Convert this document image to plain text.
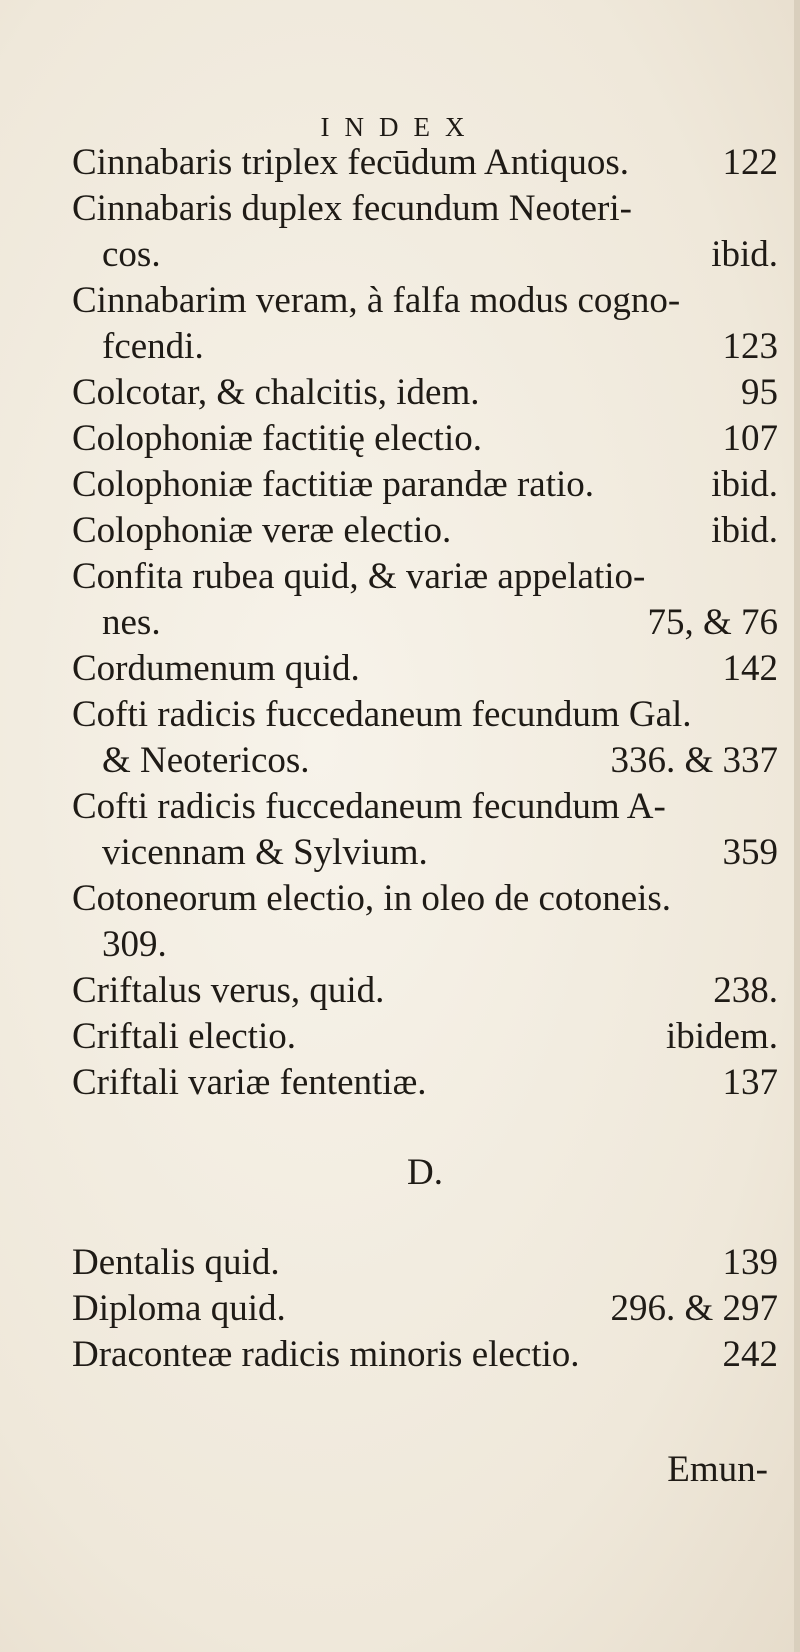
INDEX
Cinnabaris triplex fecūdum Antiquos.	122
Cinnabaris duplex fecundum Neoteri-
cos.	ibid.
Cinnabarim veram, à falfa modus cogno-
fcendi.	123
Colcotar, & chalcitis, idem.	95
Colophoniæ factitię electio.	107
Colophoniæ factitiæ parandæ ratio.	ibid.
Colophoniæ veræ electio.	ibid.
Confita rubea quid, & variæ appelatio-
nes.	75, & 76
Cordumenum quid.	142
Cofti radicis fuccedaneum fecundum Gal.
& Neotericos.	336. & 337
Cofti radicis fuccedaneum fecundum A-
vicennam & Sylvium.	359
Cotoneorum electio, in oleo de cotoneis.
309.
Criftalus verus, quid.	238.
Criftali electio.	ibidem.
Criftali variæ fententiæ.	137
D.
Dentalis quid.	139
Diploma quid.	296. & 297
Draconteæ radicis minoris electio.	242
Emun-
